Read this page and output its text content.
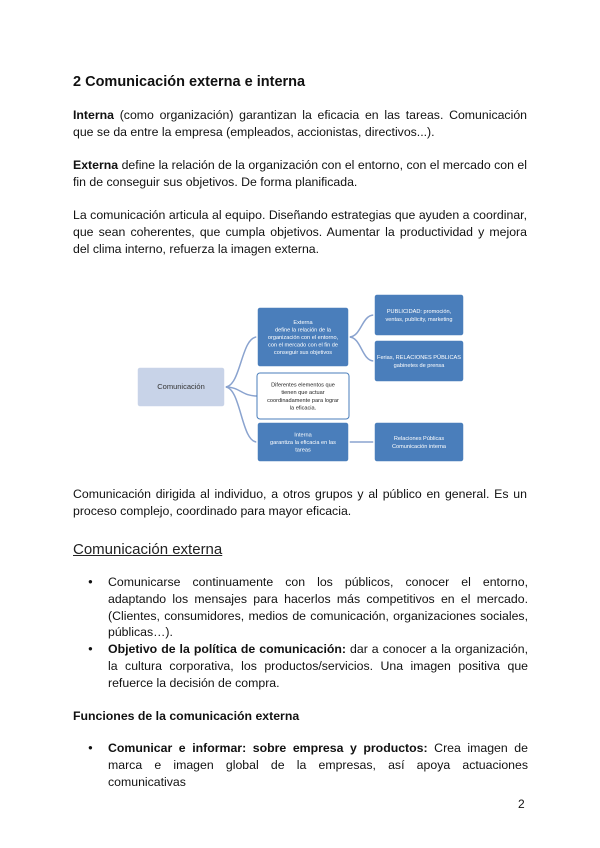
2 Comunicación externa e interna
Interna (como organización) garantizan la eficacia en las tareas. Comunicación que se da entre la empresa (empleados, accionistas, directivos...).
Externa define la relación de la organización con el entorno, con el mercado con el fin de conseguir sus objetivos. De forma planificada.
La comunicación articula al equipo. Diseñando estrategias que ayuden a coordinar, que sean coherentes, que cumpla objetivos. Aumentar la productividad y mejora del clima interno, refuerza la imagen externa.
Comunicación
Externa
define la relación de la
organización con el entorno,
con el mercado con el fin de
conseguir sus objetivos
Diferentes elementos que
tienen que actuar
coordinadamente para lograr
la eficacia.
Interna
garantiza la eficacia en las
tareas
PUBLICIDAD: promoción,
ventas, publicity, marketing
Ferias, RELACIONES PÚBLICAS
gabinetes de prensa
Relaciones Públicas
Comunicación interna
Comunicación dirigida al individuo, a otros grupos y al público en general. Es un proceso complejo, coordinado para mayor eficacia.
Comunicación externa
● Comunicarse continuamente con los públicos, conocer el entorno, adaptando los mensajes para hacerlos más competitivos en el mercado. (Clientes, consumidores, medios de comunicación, organizaciones sociales, públicas…).
● Objetivo de la política de comunicación: dar a conocer a la organización, la cultura corporativa, los productos/servicios. Una imagen positiva que refuerce la decisión de compra.
Funciones de la comunicación externa
● Comunicar e informar: sobre empresa y productos: Crea imagen de marca e imagen global de la empresas, así apoya actuaciones comunicativas
2
